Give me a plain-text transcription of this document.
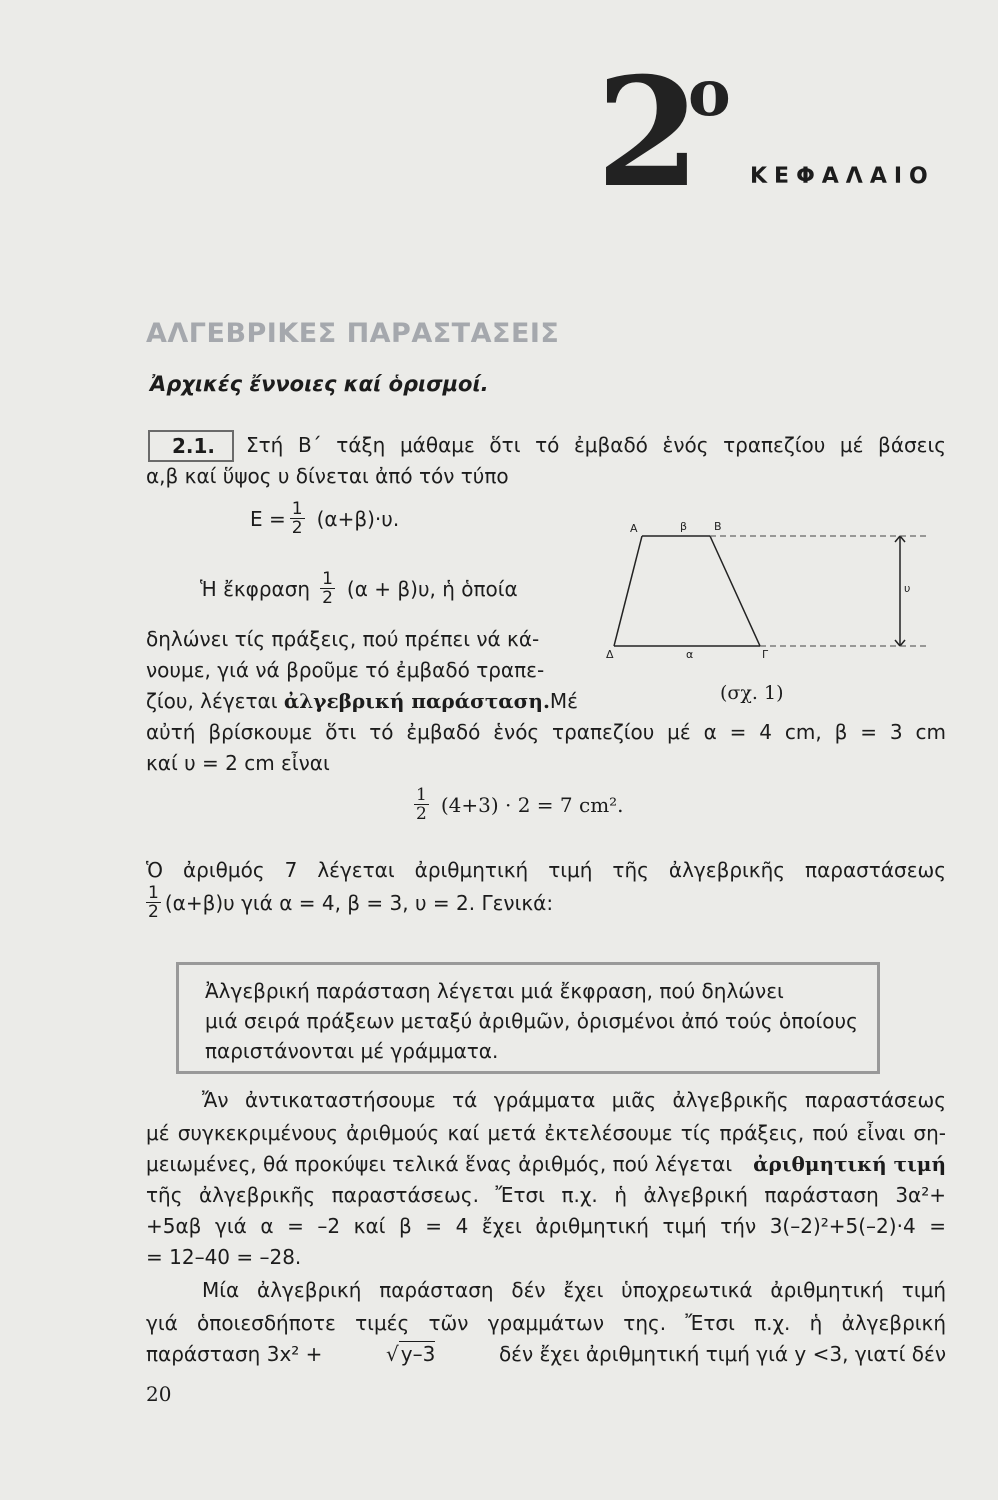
2
ο
ΚΕΦΑΛΑΙΟ
ΑΛΓΕΒΡΙΚΕΣ ΠΑΡΑΣΤΑΣΕΙΣ
Ἀρχικές ἔννοιες καί ὁρισμοί.
2.1. Στή Β΄ τάξη μάθαμε ὅτι τό ἐμβαδό ἑνός τραπεζίου μέ βάσεις
α,β καί ὕψος υ δίνεται ἀπό τόν τύπο
$E = \frac{1}{2} (\alpha+\beta)\cdot\upsilon$.
Ἡ ἔκφραση $\frac{1}{2} (\alpha + \beta)\upsilon$, ἡ ὁποία
δηλώνει τίς πράξεις, πού πρέπει νά κά-
νουμε, γιά νά βροῦμε τό ἐμβαδό τραπε-
ζίου, λέγεται ἀλγεβρική παράσταση. Μέ
Α	Β
β
Δ	α	Γ
υ
(σχ. 1)
αὐτή βρίσκουμε ὅτι τό ἐμβαδό ἑνός τραπεζίου μέ α = 4 cm, β = 3 cm
καί υ = 2 cm εἶναι
$\frac{1}{2} (4+3) \cdot 2 = 7$ cm².
Ὁ ἀριθμός 7 λέγεται ἀριθμητική τιμή τῆς ἀλγεβρικῆς παραστάσεως
$\frac{1}{2} (\alpha+\beta)\upsilon$ γιά α = 4, β = 3, υ = 2. Γενικά:
Ἀλγεβρική παράσταση λέγεται μιά ἔκφραση, πού δηλώνει
μιά σειρά πράξεων μεταξύ ἀριθμῶν, ὁρισμένοι ἀπό τούς ὁποίους
παριστάνονται μέ γράμματα.
Ἄν ἀντικαταστήσουμε τά γράμματα μιᾶς ἀλγεβρικῆς παραστάσεως
μέ συγκεκριμένους ἀριθμούς καί μετά ἐκτελέσουμε τίς πράξεις, πού εἶναι ση-
μειωμένες, θά προκύψει τελικά ἕνας ἀριθμός, πού λέγεται ἀριθμητική τιμή
τῆς ἀλγεβρικῆς παραστάσεως. Ἔτσι π.χ. ἡ ἀλγεβρική παράσταση 3α²+
+5αβ γιά α = –2 καί β = 4 ἔχει ἀριθμητική τιμή τήν 3(–2)²+5(–2)·4 =
= 12–40 = –28.
Μία ἀλγεβρική παράσταση δέν ἔχει ὑποχρεωτικά ἀριθμητική τιμή
γιά ὁποιεσδήποτε τιμές τῶν γραμμάτων της. Ἔτσι π.χ. ἡ ἀλγεβρική
παράσταση 3x² +	√ y–3	δέν ἔχει ἀριθμητική τιμή γιά y <3, γιατί δέν
20
